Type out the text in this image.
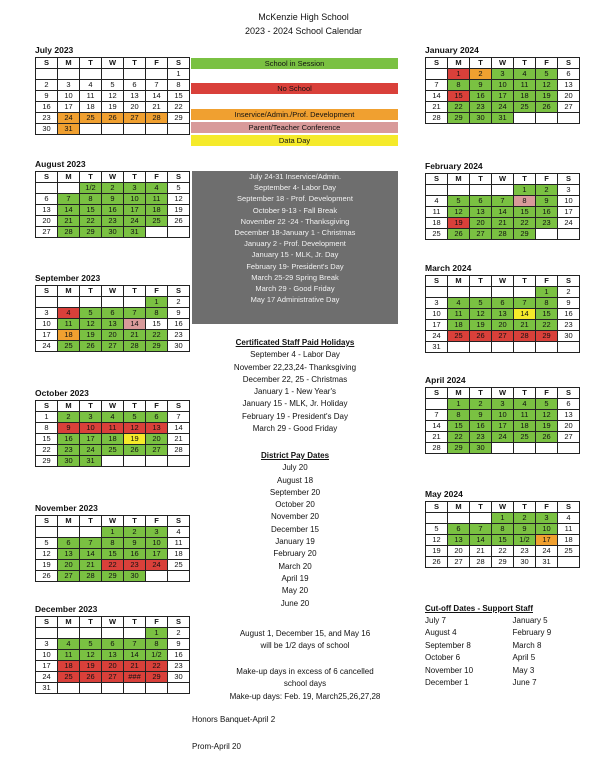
McKenzie High School
2023 - 2024 School Calendar
July 2023
S	M	T	W	T	F	S
						1
2	3	4	5	6	7	8
9	10	11	12	13	14	15
16	17	18	19	20	21	22
23	24	25	26	27	28	29
30	31					
August 2023
S	M	T	W	T	F	S
		1/2	2	3	4	5
6	7	8	9	10	11	12
13	14	15	16	17	18	19
20	21	22	23	24	25	26
27	28	29	30	31		
September 2023
S	M	T	W	T	F	S
					1	2
3	4	5	6	7	8	9
10	11	12	13	14	15	16
17	18	19	20	21	22	23
24	25	26	27	28	29	30
October 2023
S	M	T	W	T	F	S
1	2	3	4	5	6	7
8	9	10	11	12	13	14
15	16	17	18	19	20	21
22	23	24	25	26	27	28
29	30	31				
November 2023
S	M	T	W	T	F	S
			1	2	3	4
5	6	7	8	9	10	11
12	13	14	15	16	17	18
19	20	21	22	23	24	25
26	27	28	29	30		
December 2023
S	M	T	W	T	F	S
					1	2
3	4	5	6	7	8	9
10	11	12	13	14	1/2	16
17	18	19	20	21	22	23
24	25	26	27	###	29	30
31						
January 2024
S	M	T	W	T	F	S
	1	2	3	4	5	6
7	8	9	10	11	12	13
14	15	16	17	18	19	20
21	22	23	24	25	26	27
28	29	30	31			
February 2024
S	M	T	W	T	F	S
				1	2	3
4	5	6	7	8	9	10
11	12	13	14	15	16	17
18	19	20	21	22	23	24
25	26	27	28	29		
March 2024
S	M	T	W	T	F	S
					1	2
3	4	5	6	7	8	9
10	11	12	13	14	15	16
17	18	19	20	21	22	23
24	25	26	27	28	29	30
31						
April 2024
S	M	T	W	T	F	S
	1	2	3	4	5	6
7	8	9	10	11	12	13
14	15	16	17	18	19	20
21	22	23	24	25	26	27
28	29	30				
May 2024
S	M	T	W	T	F	S
			1	2	3	4
5	6	7	8	9	10	11
12	13	14	15	1/2	17	18
19	20	21	22	23	24	25
26	27	28	29	30	31	
School in Session
No School
Inservice/Admin./Prof. Development
Parent/Teacher Conference
Data Day
July 24-31 Inservice/Admin.
September 4- Labor Day
September 18 - Prof. Development
October 9-13 - Fall Break
November 22 -24 - Thanksgiving
December 18-January 1 - Christmas
January 2 - Prof. Development
January 15 - MLK, Jr. Day
February 19- President's Day
March 25-29 Spring Break
March 29 - Good Friday
May 17 Administrative Day
Certificated Staff Paid Holidays
September 4 - Labor Day
November 22,23,24- Thanksgiving
December 22, 25 - Christmas
January 1 - New Year's
January 15 - MLK, Jr. Holiday
February 19 - President's Day
March 29 - Good Friday
District Pay Dates
July 20
August 18
September 20
October 20
November 20
December 15
January 19
February 20
March 20
April 19
May 20
June 20
August 1, December 15, and May 16
will be 1/2 days of school
Make-up days in excess of 6 cancelled
school days
Make-up days: Feb. 19, March25,26,27,28
Honors Banquet-April 2
Prom-April 20
Cut-off Dates - Support Staff
July 7	January 5
August 4	February 9
September 8	March 8
October 6	April 5
November 10	May 3
December 1	June 7
